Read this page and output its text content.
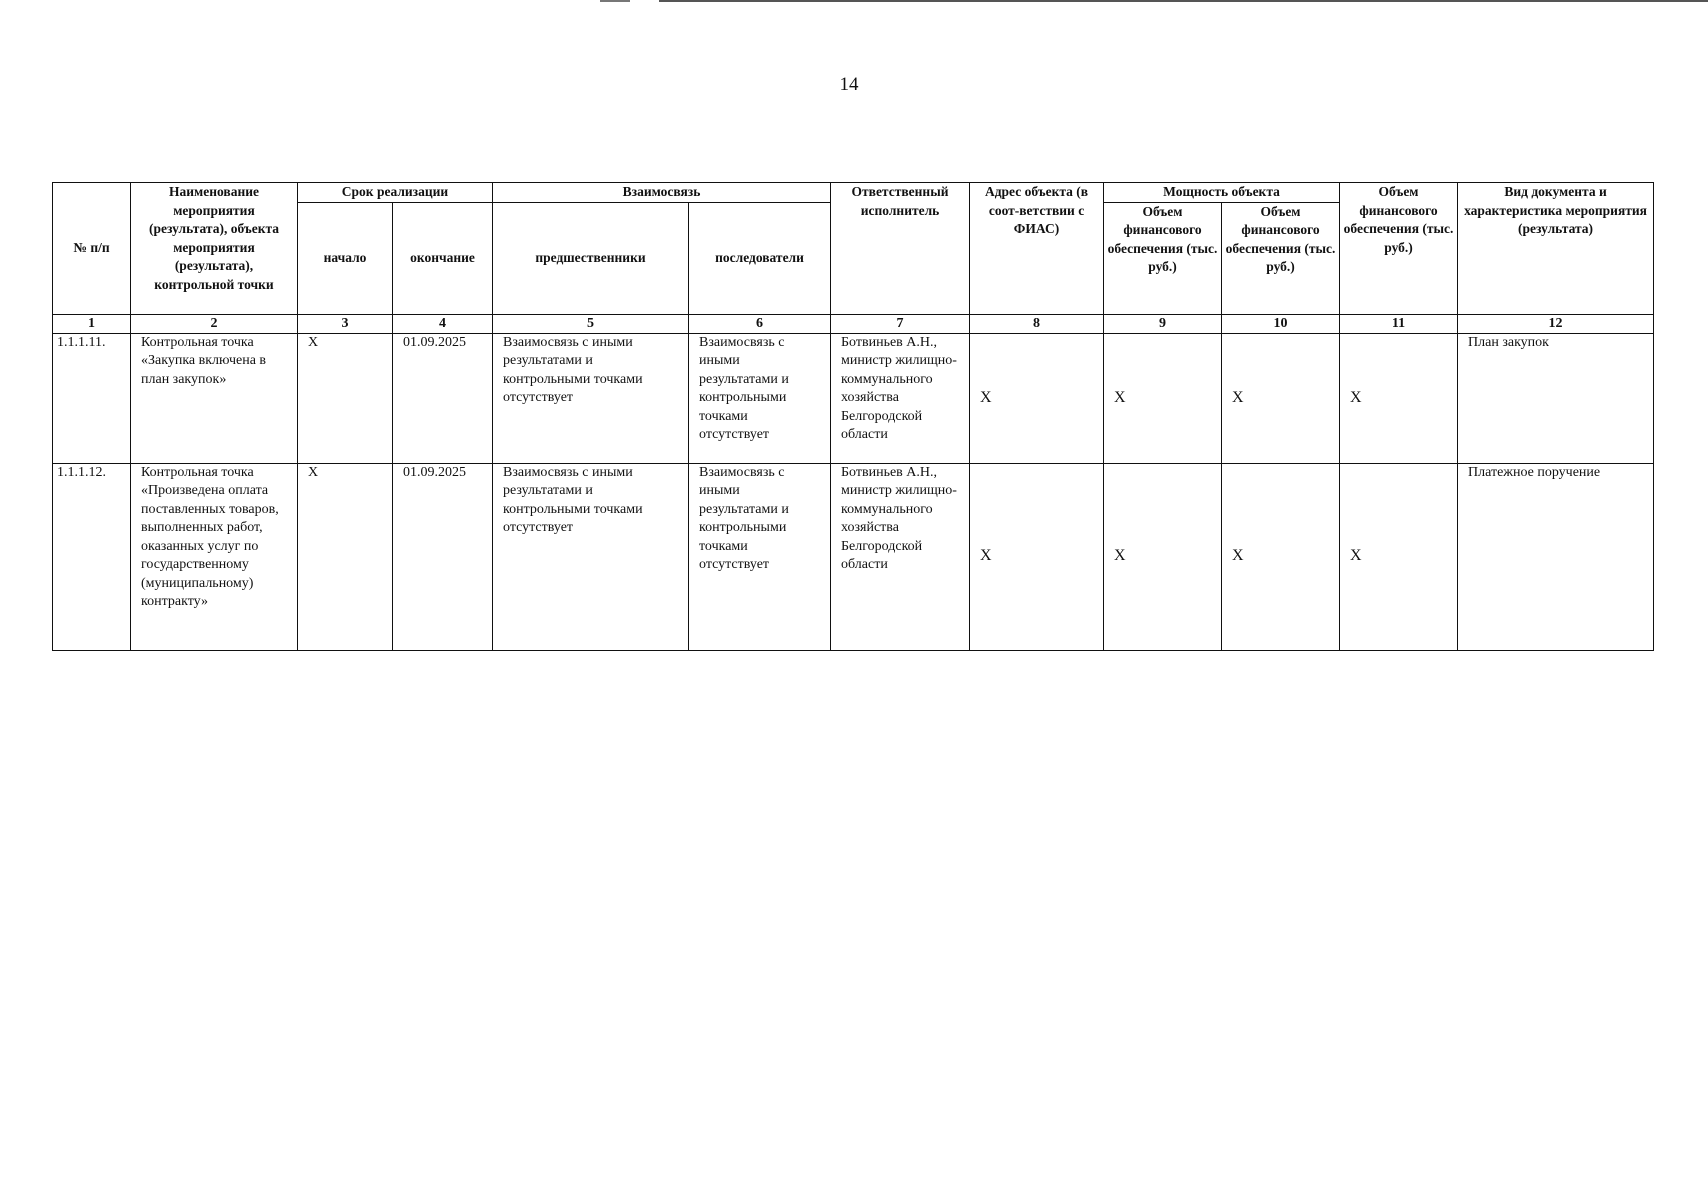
14
№ п/п	Наименование мероприятия (результата), объекта мероприятия (результата), контрольной точки	Срок реализации		Взаимосвязь		Ответственный исполнитель	Адрес объекта (в соот-ветствии с ФИАС)	Мощность объекта		Объем финансового обеспечения (тыс. руб.)	Вид документа и характеристика мероприятия (результата)
		начало	окончание	предшественники	последователи			Объем финансового обеспечения (тыс. руб.)	Объем финансового обеспечения (тыс. руб.)		
1	2	3	4	5	6	7	8	9	10	11	12
1.1.1.11.	Контрольная точка «Закупка включена в план закупок»	X	01.09.2025	Взаимосвязь с иными результатами и контрольными точками отсутствует	Взаимосвязь с иными результатами и контрольными точками отсутствует	Ботвиньев А.Н., министр жилищно-коммунального хозяйства Белгородской области	X	X	X	X	План закупок
1.1.1.12.	Контрольная точка «Произведена оплата поставленных товаров, выполненных работ, оказанных услуг по государственному (муниципальному) контракту»	X	01.09.2025	Взаимосвязь с иными результатами и контрольными точками отсутствует	Взаимосвязь с иными результатами и контрольными точками отсутствует	Ботвиньев А.Н., министр жилищно-коммунального хозяйства Белгородской области	X	X	X	X	Платежное поручение
